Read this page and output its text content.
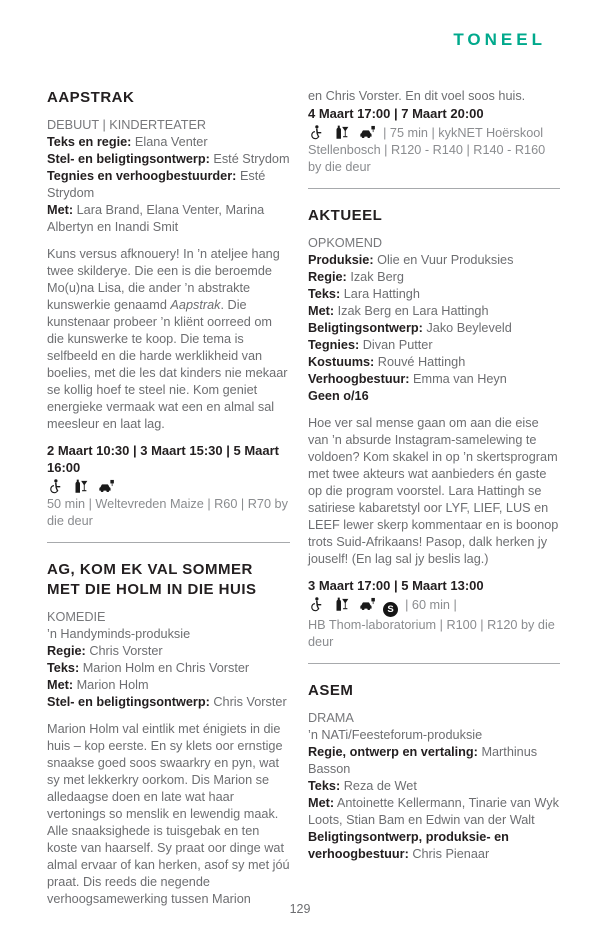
TONEEL
AAPSTRAK
DEBUUT | KINDERTEATER
Teks en regie: Elana Venter
Stel- en beligtingsontwerp: Esté Strydom
Tegnies en verhoogbestuurder: Esté Strydom
Met: Lara Brand, Elana Venter, Marina Albertyn en Inandi Smit

Kuns versus afknouery! In ’n ateljee hang twee skilderye. Die een is die beroemde Mo(u)na Lisa, die ander ’n abstrakte kunswerkie genaamd Aapstrak. Die kunstenaar probeer ’n kliënt oorreed om die kunswerke te koop. Die tema is selfbeeld en die harde werklikheid van boelies, met die les dat kinders nie mekaar se kollig hoef te steel nie. Kom geniet energieke vermaak wat een en almal sal meesleur en laat lag.

2 Maart 10:30 | 3 Maart 15:30 | 5 Maart 16:00

50 min | Weltevreden Maize | R60 | R70 by die deur
AG, KOM EK VAL SOMMER MET DIE HOLM IN DIE HUIS
KOMEDIE
’n Handyminds-produksie
Regie: Chris Vorster
Teks: Marion Holm en Chris Vorster
Met: Marion Holm
Stel- en beligtingsontwerp: Chris Vorster

Marion Holm val eintlik met énigiets in die huis – kop eerste. En sy klets oor ernstige snaakse goed soos swaarkry en pyn, wat sy met lekkerkry oorkom. Dis Marion se alledaagse doen en late wat haar vertonings so menslik en lewendig maak. Alle snaaksighede is tuisgebak en ten koste van haarself. Sy praat oor dinge wat almal ervaar of kan herken, asof sy met jóú praat. Dis reeds die negende verhoogsamewerking tussen Marion

en Chris Vorster. En dit voel soos huis.
4 Maart 17:00 | 7 Maart 20:00
| 75 min | kykNET Hoërskool Stellenbosch | R120 - R140 | R140 - R160 by die deur
AKTUEEL
OPKOMEND
Produksie: Olie en Vuur Produksies
Regie: Izak Berg
Teks: Lara Hattingh
Met: Izak Berg en Lara Hattingh
Beligtingsontwerp: Jako Beyleveld
Tegnies: Divan Putter
Kostuums: Rouvé Hattingh
Verhoogbestuur: Emma van Heyn
Geen o/16

Hoe ver sal mense gaan om aan die eise van ’n absurde Instagram-samelewing te voldoen? Kom skakel in op ’n skertsprogram met twee akteurs wat aanbieders én gaste op die program voorstel. Lara Hattingh se satiriese kabaretstyl oor LYF, LIEF, LUS en LEEF lewer skerp kommentaar en is boonop trots Suid-Afrikaans! Pasop, dalk herken jy jouself! (En lag sal jy beslis lag.)

3 Maart 17:00 | 5 Maart 13:00
S | 60 min |
HB Thom-laboratorium | R100 | R120 by die deur
ASEM
DRAMA
’n NATi/Feesteforum-produksie
Regie, ontwerp en vertaling: Marthinus Basson
Teks: Reza de Wet
Met: Antoinette Kellermann, Tinarie van Wyk Loots, Stian Bam en Edwin van der Walt
Beligtingsontwerp, produksie- en verhoogbestuur: Chris Pienaar
129
